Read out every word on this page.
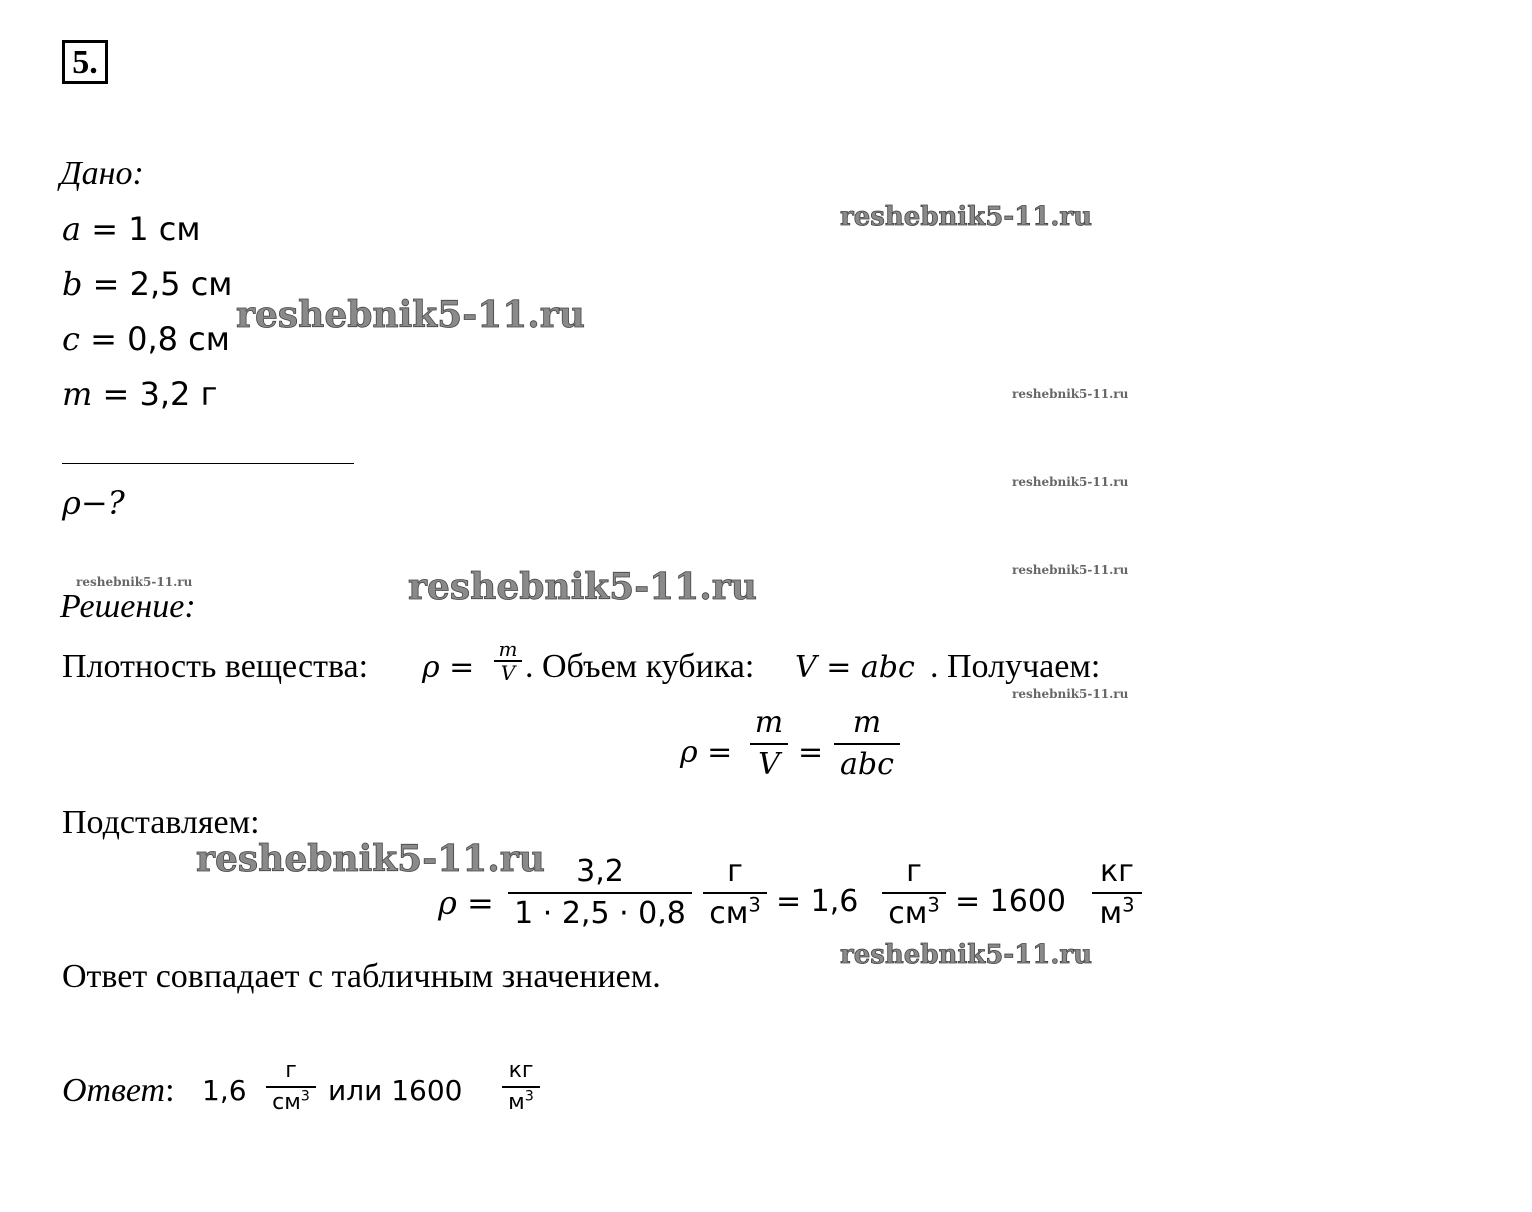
5.
Дано:
a = 1 см
b = 2,5 см
c = 0,8 см
m = 3,2 г
ρ−?
Решение:
Плотность вещества: ρ =
m
V . Объем кубика: V = abc . Получаем:
ρ =
m
V =
m
abc
Подставляем:
ρ =
3,2
1 · 2,5 · 0,8
г
$см^3 = 1,6$
г
$см^3 = 1600$
кг
$м^3$
Ответ совпадает с табличным значением.
Ответ: 1,6
г
$см^3$ или 1600
кг
$м^3$
reshebnik5-11.ru
reshebnik5-11.ru
reshebnik5-11.ru
reshebnik5-11.ru
reshebnik5-11.ru
reshebnik5-11.ru	reshebnik5-11.ru
reshebnik5-11.ru
reshebnik5-11.ru
reshebnik5-11.ru
